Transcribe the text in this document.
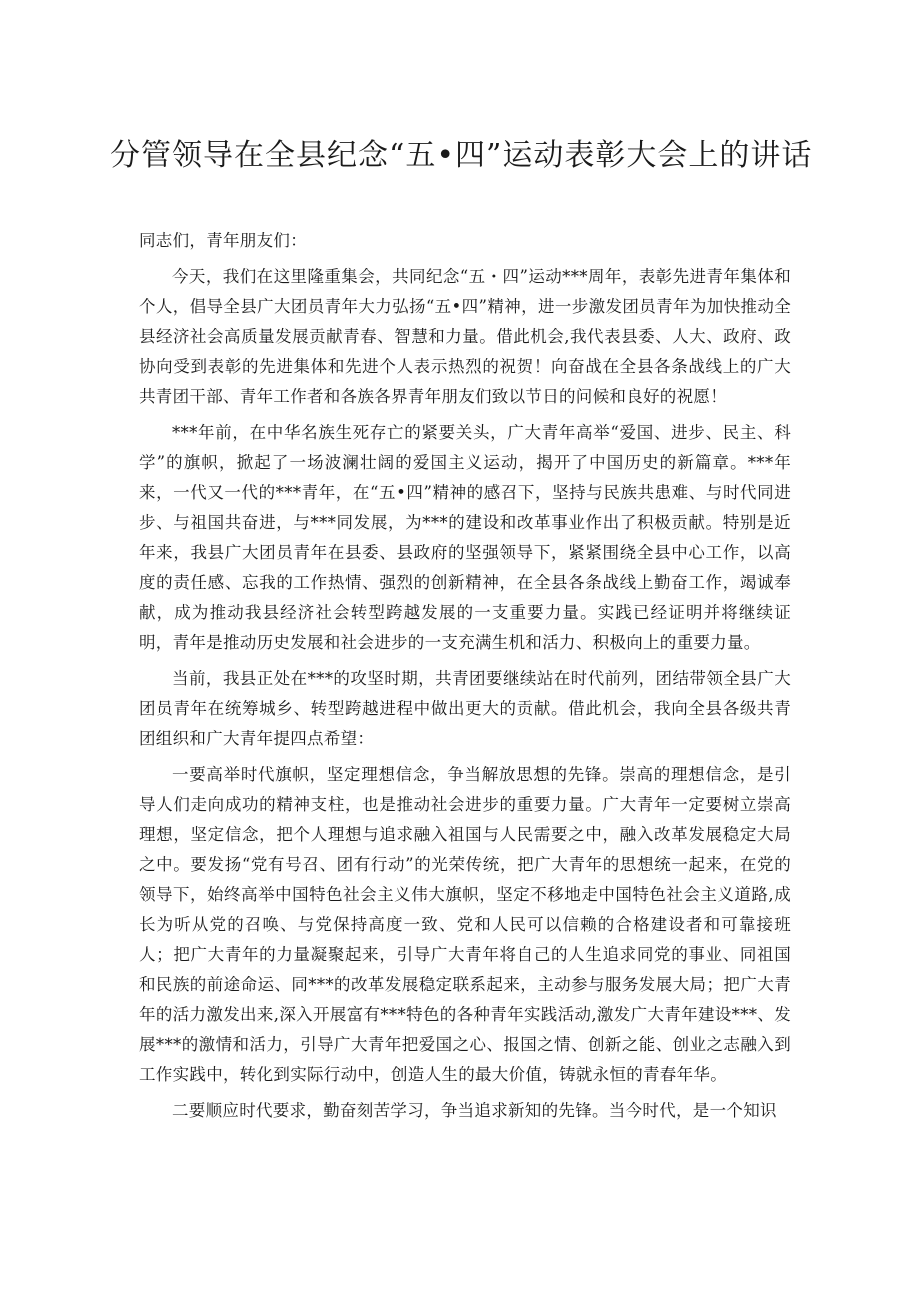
分管领导在全县纪念“五•四”运动表彰大会上的讲话

同志们，青年朋友们：

今天，我们在这里隆重集会，共同纪念“五・四”运动***周年，表彰先进青年集体和个人，倡导全县广大团员青年大力弘扬“五•四”精神，进一步激发团员青年为加快推动全县经济社会高质量发展贡献青春、智慧和力量。借此机会,我代表县委、人大、政府、政协向受到表彰的先进集体和先进个人表示热烈的祝贺！向奋战在全县各条战线上的广大共青团干部、青年工作者和各族各界青年朋友们致以节日的问候和良好的祝愿！

***年前，在中华名族生死存亡的紧要关头，广大青年高举“爱国、进步、民主、科学”的旗帜，掀起了一场波澜壮阔的爱国主义运动，揭开了中国历史的新篇章。***年来，一代又一代的***青年，在“五•四”精神的感召下，坚持与民族共患难、与时代同进步、与祖国共奋进，与***同发展，为***的建设和改革事业作出了积极贡献。特别是近年来，我县广大团员青年在县委、县政府的坚强领导下，紧紧围绕全县中心工作，以高度的责任感、忘我的工作热情、强烈的创新精神，在全县各条战线上勤奋工作，竭诚奉献，成为推动我县经济社会转型跨越发展的一支重要力量。实践已经证明并将继续证明，青年是推动历史发展和社会进步的一支充满生机和活力、积极向上的重要力量。

当前，我县正处在***的攻坚时期，共青团要继续站在时代前列，团结带领全县广大团员青年在统筹城乡、转型跨越进程中做出更大的贡献。借此机会，我向全县各级共青团组织和广大青年提四点希望：

一要高举时代旗帜，坚定理想信念，争当解放思想的先锋。崇高的理想信念，是引导人们走向成功的精神支柱，也是推动社会进步的重要力量。广大青年一定要树立崇高理想，坚定信念，把个人理想与追求融入祖国与人民需要之中，融入改革发展稳定大局之中。要发扬“党有号召、团有行动”的光荣传统，把广大青年的思想统一起来，在党的领导下，始终高举中国特色社会主义伟大旗帜，坚定不移地走中国特色社会主义道路,成长为听从党的召唤、与党保持高度一致、党和人民可以信赖的合格建设者和可靠接班人；把广大青年的力量凝聚起来，引导广大青年将自己的人生追求同党的事业、同祖国和民族的前途命运、同***的改革发展稳定联系起来，主动参与服务发展大局；把广大青年的活力激发出来,深入开展富有***特色的各种青年实践活动,激发广大青年建设***、发展***的激情和活力，引导广大青年把爱国之心、报国之情、创新之能、创业之志融入到工作实践中，转化到实际行动中，创造人生的最大价值，铸就永恒的青春年华。

二要顺应时代要求，勤奋刻苦学习，争当追求新知的先锋。当今时代，是一个知识
